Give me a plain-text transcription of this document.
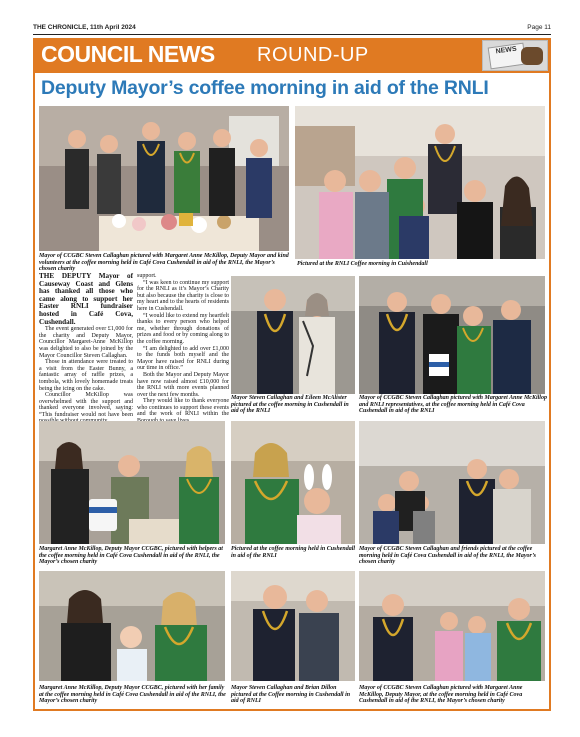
THE CHRONICLE, 11th April 2024	Page 11
COUNCIL NEWS ROUND-UP	NEWS
Deputy Mayor’s coffee morning in aid of the RNLI
Mayor of CCGBC Steven Callaghan pictured with Margaret Anne McKillop, Deputy Mayor and kind volunteers at the coffee morning held in Café Cova Cushendall in aid of the RNLI, the Mayor’s chosen charity
Pictured at the RNLI Coffee morning in Cuishendall
THE DEPUTY Mayor of Causeway Coast and Glens has thanked all those who came along to support her Easter RNLI fundraiser hosted in Café Cova, Cushendall.

The event generated over £1,000 for the charity and Deputy Mayor, Councillor Margaret-Anne McKillop was delighted to also be joined by the Mayor Councillor Steven Callaghan.

Those in attendance were treated to a visit from the Easter Bunny, a fantastic array of raffle prizes, a tombola, with lovely homemade treats being the icing on the cake.

Councillor McKillop was overwhelmed with the support and thanked everyone involved, saying: “This fundraiser would not have been

support.

“I was keen to continue my support for the RNLI as it’s Mayor’s Charity but also because the charity is close to my heart and to the hearts of residents here in Cushendall.

“I would like to extend my heartfelt thanks to every person who helped me, whether through donations of prizes and food or by coming along to the coffee morning.

“I am delighted to add over £1,000 to the funds both myself and the Mayor have raised for RNLI during our time in office.”

Both the Mayor and Deputy Mayor have now raised almost £10,000 for the RNLI with more events planned over the next few months.

They would like to thank everyone who continues to support these events and the work of RNLI within the

Mayor Steven Callaghan and Eileen McAlister pictured at the coffee morning in Cushendall in aid of the RNLI
Mayor of CCGBC Steven Callaghan pictured with Margaret Anne McKillop and RNLI representatives, at the coffee morning held in Café Cova Cushendall in aid of the RNLI
Margaret Anne McKillop, Deputy Mayor CCGBC, pictured with helpers at the coffee morning held in Café Cova Cushendall in aid of the RNLI, the Mayor’s chosen charity
Pictured at the coffee morning held in Cushendall in aid of the RNLI
Mayor of CCGBC Steven Callaghan and friends pictured at the coffee morning held in Café Cova Cushendall in aid of the RNLI, the Mayor’s chosen charity
Margaret Anne McKillop, Deputy Mayor CCGBC, pictured with her family at the coffee morning held in Café Cova Cushendall in aid of the RNLI, the Mayor’s chosen charity
Mayor Steven Callaghan and Brian Dillon pictured at the Coffee morning in Cushendall in aid of RNLI
Mayor of CCGBC Steven Callaghan pictured with Margaret Anne McKillop, Deputy Mayor, at the coffee morning held in Café Cova Cushendall in aid of the RNLI, the Mayor’s chosen charity
